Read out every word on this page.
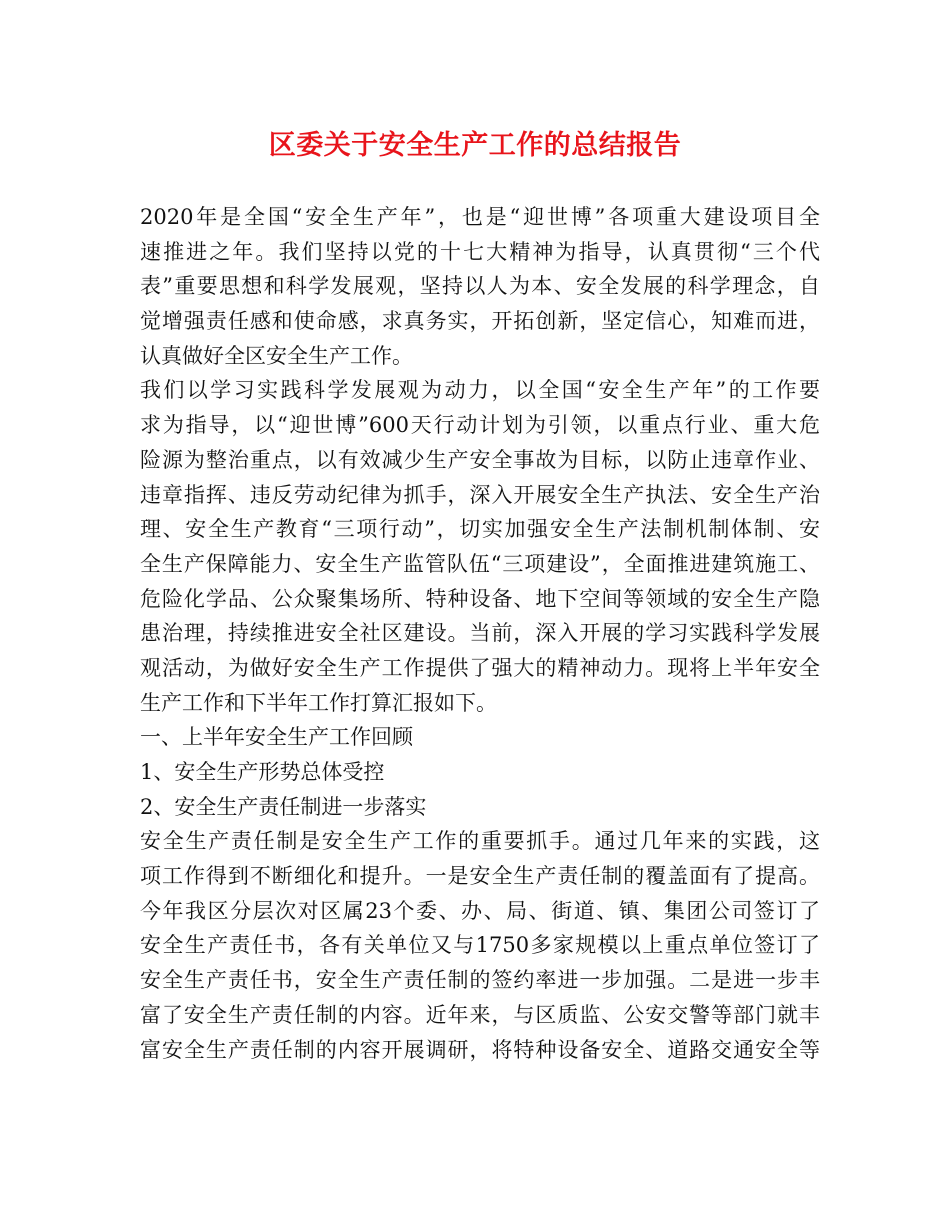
区委关于安全生产工作的总结报告
2020年是全国“安全生产年”，也是“迎世博”各项重大建设项目全
速推进之年。我们坚持以党的十七大精神为指导，认真贯彻“三个代
表”重要思想和科学发展观，坚持以人为本、安全发展的科学理念，自
觉增强责任感和使命感，求真务实，开拓创新，坚定信心，知难而进，
认真做好全区安全生产工作。
我们以学习实践科学发展观为动力，以全国“安全生产年”的工作要
求为指导，以“迎世博”600天行动计划为引领，以重点行业、重大危
险源为整治重点，以有效减少生产安全事故为目标，以防止违章作业、
违章指挥、违反劳动纪律为抓手，深入开展安全生产执法、安全生产治
理、安全生产教育“三项行动”，切实加强安全生产法制机制体制、安
全生产保障能力、安全生产监管队伍“三项建设”，全面推进建筑施工、
危险化学品、公众聚集场所、特种设备、地下空间等领域的安全生产隐
患治理，持续推进安全社区建设。当前，深入开展的学习实践科学发展
观活动，为做好安全生产工作提供了强大的精神动力。现将上半年安全
生产工作和下半年工作打算汇报如下。
一、上半年安全生产工作回顾
1、安全生产形势总体受控
2、安全生产责任制进一步落实
安全生产责任制是安全生产工作的重要抓手。通过几年来的实践，这
项工作得到不断细化和提升。一是安全生产责任制的覆盖面有了提高。
今年我区分层次对区属23个委、办、局、街道、镇、集团公司签订了
安全生产责任书，各有关单位又与1750多家规模以上重点单位签订了
安全生产责任书，安全生产责任制的签约率进一步加强。二是进一步丰
富了安全生产责任制的内容。近年来，与区质监、公安交警等部门就丰
富安全生产责任制的内容开展调研，将特种设备安全、道路交通安全等
